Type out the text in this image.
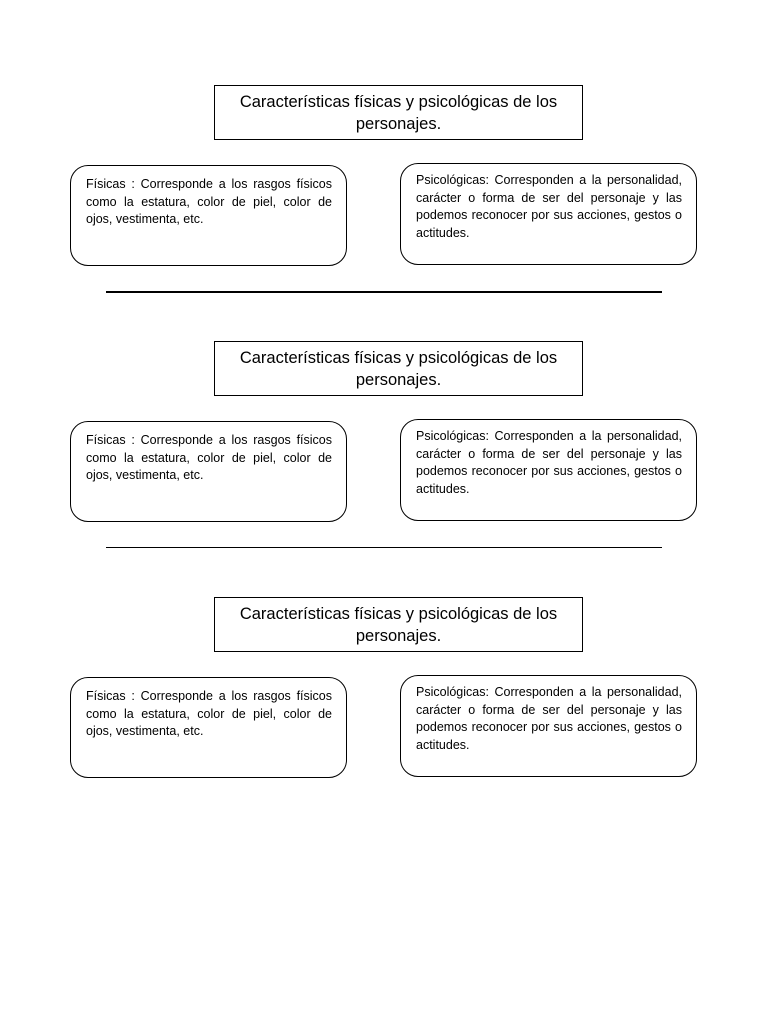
Características físicas y psicológicas de los personajes.
Físicas : Corresponde a los rasgos físicos como la estatura, color de piel, color de ojos, vestimenta, etc.
Psicológicas: Corresponden a la personalidad, carácter o forma de ser del personaje y las podemos reconocer por sus acciones, gestos o actitudes.
Características físicas y psicológicas de los personajes.
Físicas : Corresponde a los rasgos físicos como la estatura, color de piel, color de ojos, vestimenta, etc.
Psicológicas: Corresponden a la personalidad, carácter o forma de ser del personaje y las podemos reconocer por sus acciones, gestos o actitudes.
Características físicas y psicológicas de los personajes.
Físicas : Corresponde a los rasgos físicos como la estatura, color de piel, color de ojos, vestimenta, etc.
Psicológicas: Corresponden a la personalidad, carácter o forma de ser del personaje y las podemos reconocer por sus acciones, gestos o actitudes.
